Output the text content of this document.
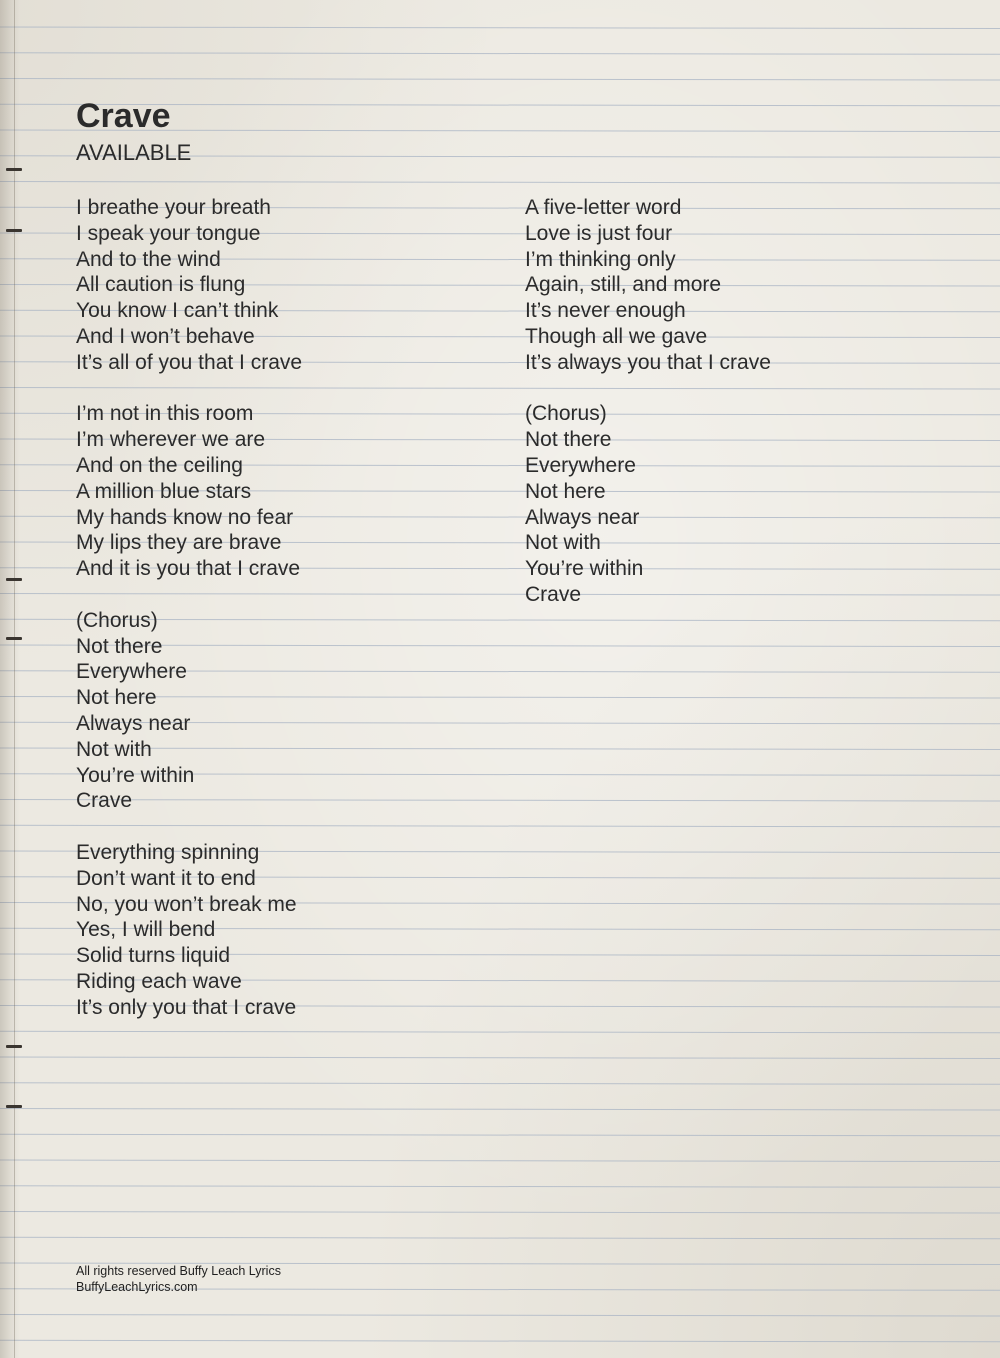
Crave
AVAILABLE
I breathe your breath
I speak your tongue
And to the wind
All caution is flung
You know I can’t think
And I won’t behave
It’s all of you that I crave
I’m not in this room
I’m wherever we are
And on the ceiling
A million blue stars
My hands know no fear
My lips they are brave
And it is you that I crave
(Chorus)
Not there
Everywhere
Not here
Always near
Not with
You’re within
Crave
Everything spinning
Don’t want it to end
No, you won’t break me
Yes, I will bend
Solid turns liquid
Riding each wave
It’s only you that I crave
A five-letter word
Love is just four
I’m thinking only
Again, still, and more
It’s never enough
Though all we gave
It’s always you that I crave
(Chorus)
Not there
Everywhere
Not here
Always near
Not with
You’re within
Crave
All rights reserved Buffy Leach Lyrics
BuffyLeachLyrics.com
